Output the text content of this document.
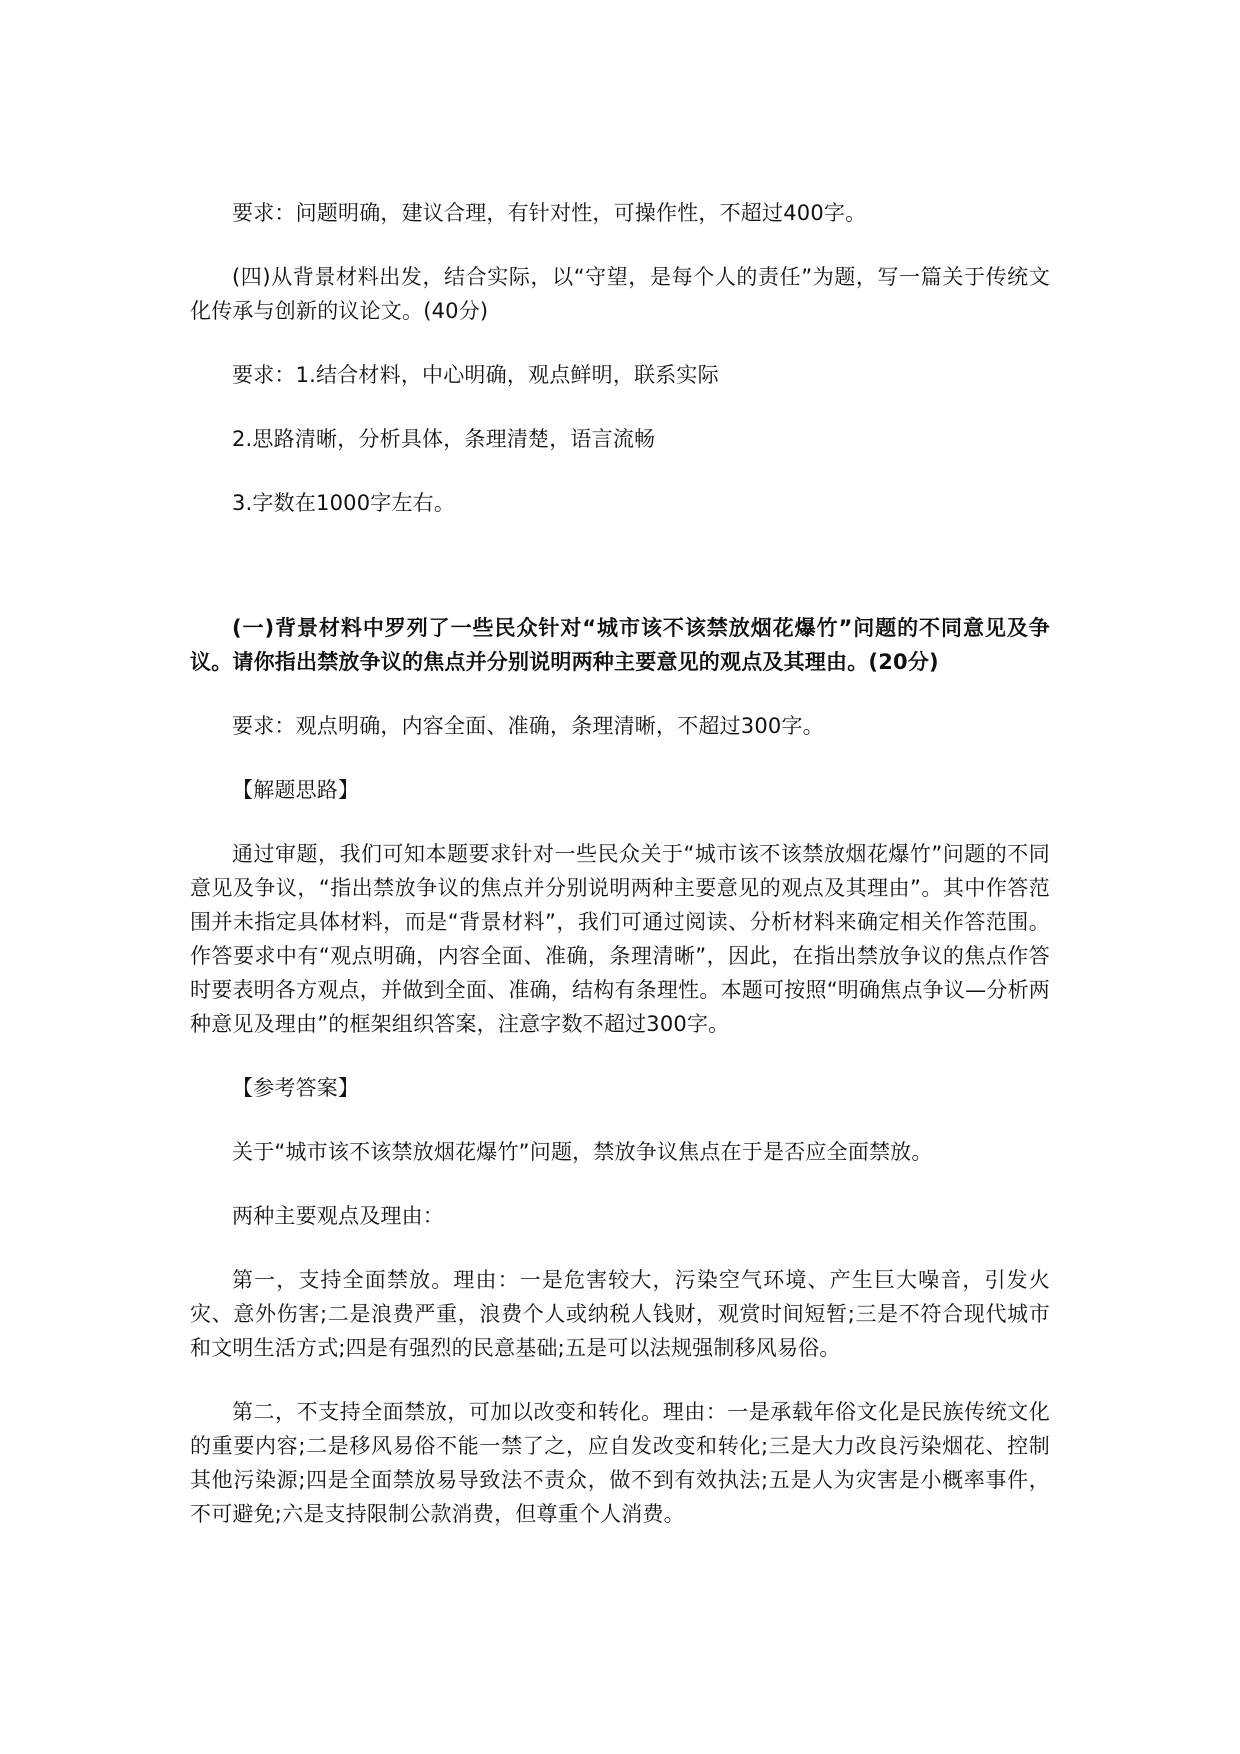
要求：问题明确，建议合理，有针对性，可操作性，不超过400字。

(四)从背景材料出发，结合实际，以“守望，是每个人的责任”为题，写一篇关于传统文化传承与创新的议论文。(40分)

要求：1.结合材料，中心明确，观点鲜明，联系实际

2.思路清晰，分析具体，条理清楚，语言流畅

3.字数在1000字左右。

(一)背景材料中罗列了一些民众针对“城市该不该禁放烟花爆竹”问题的不同意见及争议。请你指出禁放争议的焦点并分别说明两种主要意见的观点及其理由。(20分)

要求：观点明确，内容全面、准确，条理清晰，不超过300字。

【解题思路】

通过审题，我们可知本题要求针对一些民众关于“城市该不该禁放烟花爆竹”问题的不同意见及争议，“指出禁放争议的焦点并分别说明两种主要意见的观点及其理由”。其中作答范围并未指定具体材料，而是“背景材料”，我们可通过阅读、分析材料来确定相关作答范围。作答要求中有“观点明确，内容全面、准确，条理清晰”，因此，在指出禁放争议的焦点作答时要表明各方观点，并做到全面、准确，结构有条理性。本题可按照“明确焦点争议—分析两种意见及理由”的框架组织答案，注意字数不超过300字。

【参考答案】

关于“城市该不该禁放烟花爆竹”问题，禁放争议焦点在于是否应全面禁放。

两种主要观点及理由：

第一，支持全面禁放。理由：一是危害较大，污染空气环境、产生巨大噪音，引发火灾、意外伤害;二是浪费严重，浪费个人或纳税人钱财，观赏时间短暂;三是不符合现代城市和文明生活方式;四是有强烈的民意基础;五是可以法规强制移风易俗。

第二，不支持全面禁放，可加以改变和转化。理由：一是承载年俗文化是民族传统文化的重要内容;二是移风易俗不能一禁了之，应自发改变和转化;三是大力改良污染烟花、控制其他污染源;四是全面禁放易导致法不责众，做不到有效执法;五是人为灾害是小概率事件，不可避免;六是支持限制公款消费，但尊重个人消费。
